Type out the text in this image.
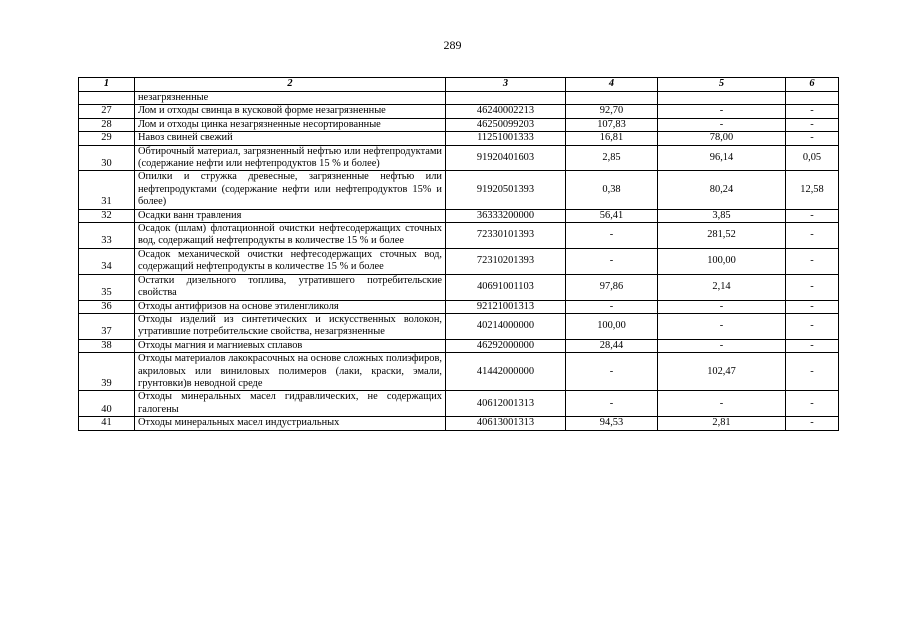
289
1	2	3	4	5	6
	незагрязненные				
27	Лом и отходы свинца в кусковой форме незагрязненные	46240002213	92,70	-	-
28	Лом и отходы цинка незагрязненные несортированные	46250099203	107,83	-	-
29	Навоз свиней свежий	11251001333	16,81	78,00	-
30	Обтирочный материал, загрязненный нефтью или нефтепродуктами (содержание нефти или нефтепродуктов 15 % и более)	91920401603	2,85	96,14	0,05
31	Опилки и стружка древесные, загрязненные нефтью или нефтепродуктами (содержание нефти или нефтепродуктов 15% и более)	91920501393	0,38	80,24	12,58
32	Осадки ванн травления	36333200000	56,41	3,85	-
33	Осадок (шлам) флотационной очистки нефтесодержащих сточных вод, содержащий нефтепродукты в количестве 15 % и более	72330101393	-	281,52	-
34	Осадок механической очистки нефтесодержащих сточных вод, содержащий нефтепродукты в количестве 15 % и более	72310201393	-	100,00	-
35	Остатки дизельного топлива, утратившего потребительские свойства	40691001103	97,86	2,14	-
36	Отходы антифризов на основе этиленгликоля	92121001313	-	-	-
37	Отходы изделий из синтетических и искусственных волокон, утратившие потребительские свойства, незагрязненные	40214000000	100,00	-	-
38	Отходы магния и магниевых сплавов	46292000000	28,44	-	-
39	Отходы материалов лакокрасочных на основе сложных полиэфиров, акриловых или виниловых полимеров (лаки, краски, эмали, грунтовки)в неводной среде	41442000000	-	102,47	-
40	Отходы минеральных масел гидравлических, не содержащих галогены	40612001313	-	-	-
41	Отходы минеральных масел индустриальных	40613001313	94,53	2,81	-
